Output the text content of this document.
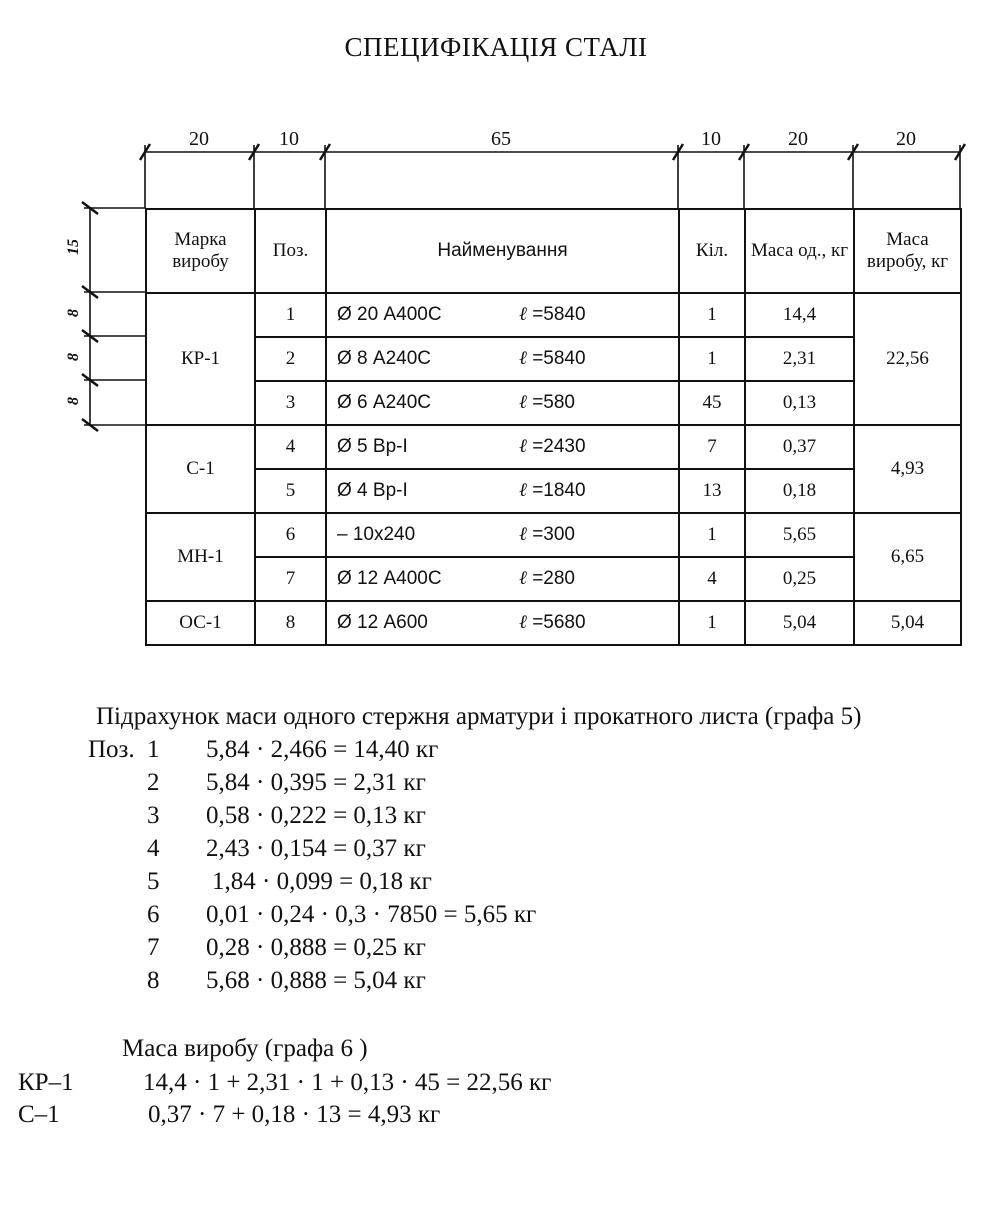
СПЕЦИФІКАЦІЯ СТАЛІ
20	10	65	10	20	20
15
8
8
8
Марка виробу	Поз.	Найменування	Кіл.	Маса од., кг	Маса виробу, кг
КР-1	1	Ø 20 А400С ℓ =5840	1	14,4	22,56
	2	Ø 8 А240С ℓ =5840	1	2,31	
	3	Ø 6 А240С ℓ =580	45	0,13	
С-1	4	Ø 5 Вр-І ℓ =2430	7	0,37	4,93
	5	Ø 4 Вр-І ℓ =1840	13	0,18	
МН-1	6	– 10х240 ℓ =300	1	5,65	6,65
	7	Ø 12 А400С ℓ =280	4	0,25	
ОС-1	8	Ø 12 А600 ℓ =5680	1	5,04	5,04
Підрахунок маси одного стержня арматури і прокатного листа (графа 5)
Поз. 1 5,84 · 2,466 = 14,40 кг
2 5,84 · 0,395 = 2,31 кг
3 0,58 · 0,222 = 0,13 кг
4 2,43 · 0,154 = 0,37 кг
5 1,84 · 0,099 = 0,18 кг
6 0,01 · 0,24 · 0,3 · 7850 = 5,65 кг
7 0,28 · 0,888 = 0,25 кг
8 5,68 · 0,888 = 5,04 кг
Маса виробу (графа 6 )
КР–1	14,4 · 1 + 2,31 · 1 + 0,13 · 45 = 22,56 кг
С–1	0,37 · 7 + 0,18 · 13 = 4,93 кг
